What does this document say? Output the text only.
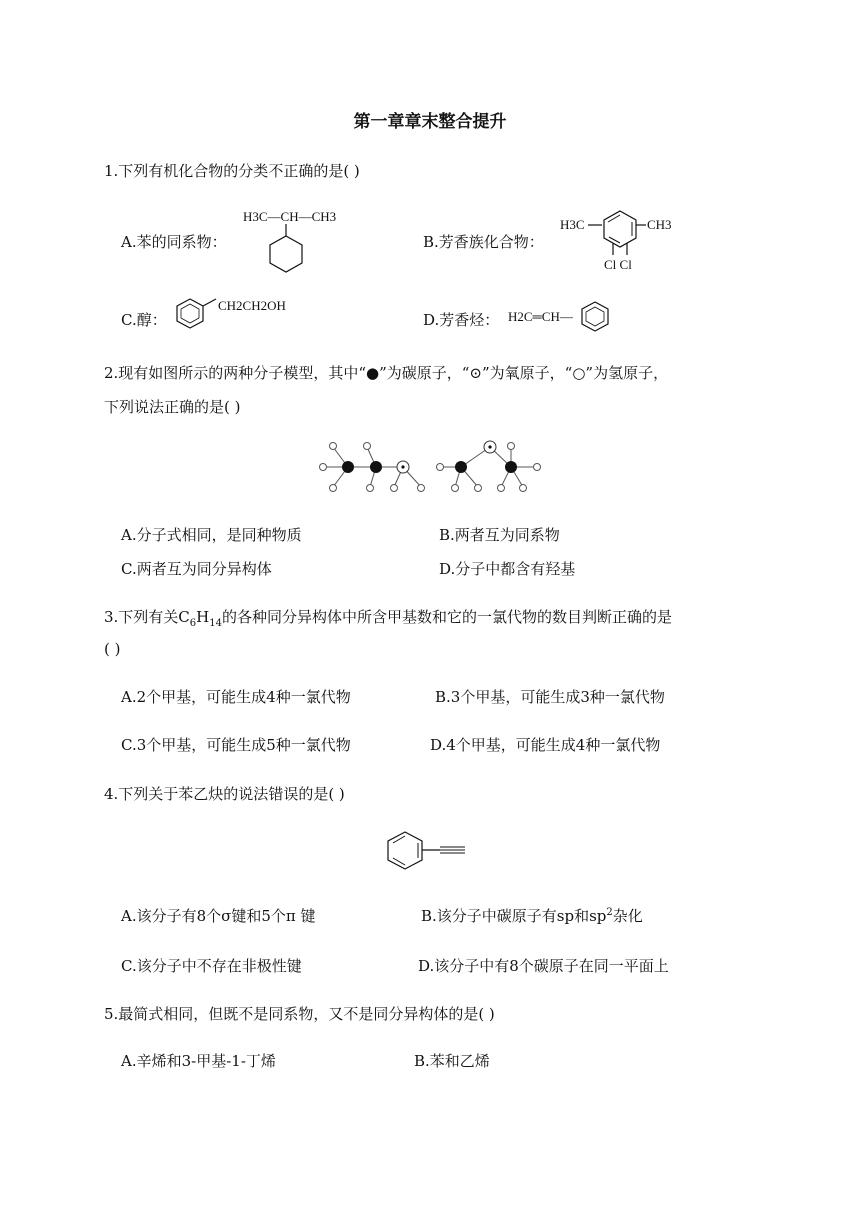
第一章章末整合提升
1.下列有机化合物的分类不正确的是( )
A.苯的同系物：	B.芳香族化合物：
C.醇：	D.芳香烃：
H3C—CH—CH3
H3C	CH3
Cl Cl
CH2CH2OH
H2C═CH—
2.现有如图所示的两种分子模型，其中“●”为碳原子，“⊙”为氧原子，“○”为氢原子，
下列说法正确的是( )
A.分子式相同，是同种物质	B.两者互为同系物
C.两者互为同分异构体	D.分子中都含有羟基
3.下列有关$C_6H_{14}$的各种同分异构体中所含甲基数和它的一氯代物的数目判断正确的是
( )
A.2个甲基，可能生成4种一氯代物	B.3个甲基，可能生成3种一氯代物
C.3个甲基，可能生成5种一氯代物	D.4个甲基，可能生成4种一氯代物
4.下列关于苯乙炔的说法错误的是( )
A.该分子有8个σ键和5个π 键	B.该分子中碳原子有sp和$sp^2$杂化
C.该分子中不存在非极性键	D.该分子中有8个碳原子在同一平面上
5.最简式相同，但既不是同系物，又不是同分异构体的是( )
A.辛烯和3-甲基-1-丁烯	B.苯和乙烯
